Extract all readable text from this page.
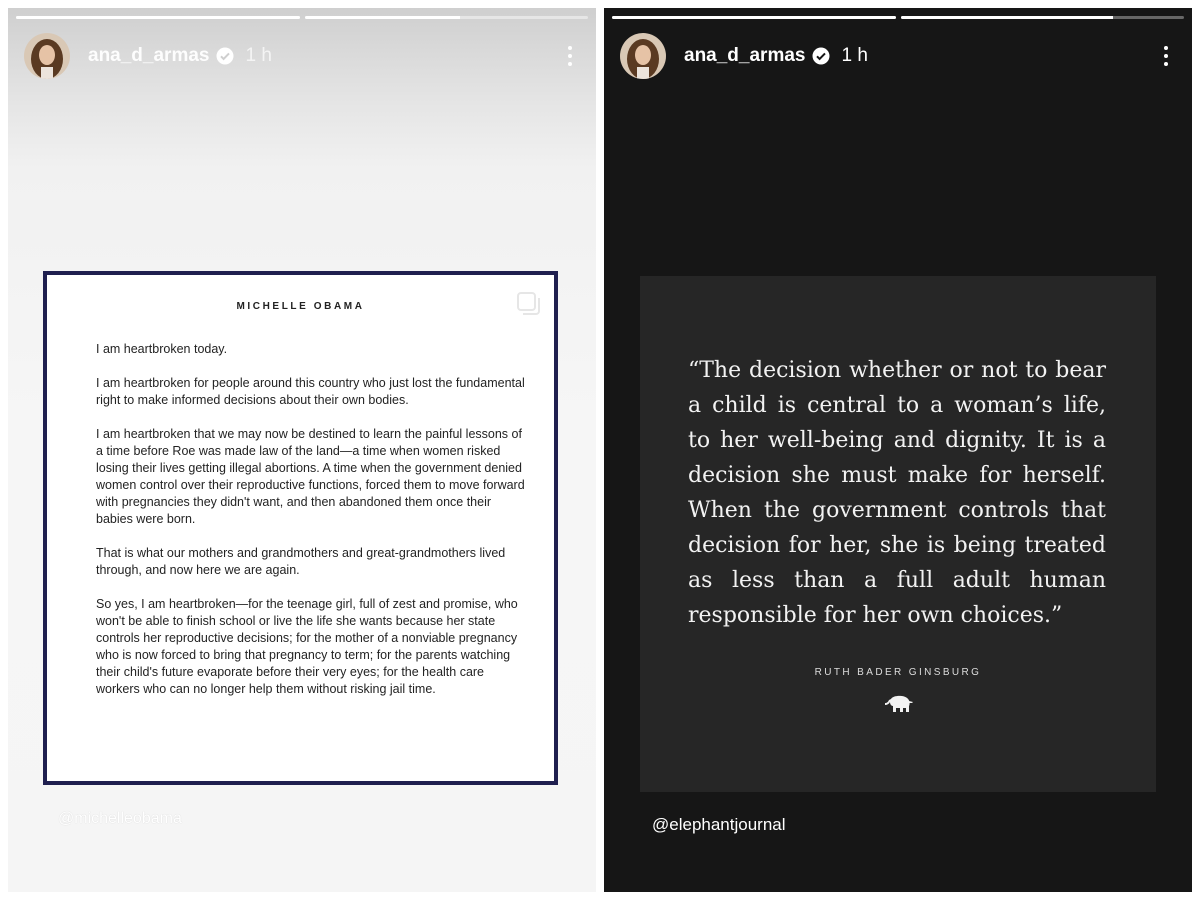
ana_d_armas 1 h
MICHELLE OBAMA

I am heartbroken today.

I am heartbroken for people around this country who just lost the fundamental right to make informed decisions about their own bodies.

I am heartbroken that we may now be destined to learn the painful lessons of a time before Roe was made law of the land—a time when women risked losing their lives getting illegal abortions. A time when the government denied women control over their reproductive functions, forced them to move forward with pregnancies they didn't want, and then abandoned them once their babies were born.

That is what our mothers and grandmothers and great-grandmothers lived through, and now here we are again.

So yes, I am heartbroken—for the teenage girl, full of zest and promise, who won't be able to finish school or live the life she wants because her state controls her reproductive decisions; for the mother of a nonviable pregnancy who is now forced to bring that pregnancy to term; for the parents watching their child's future evaporate before their very eyes; for the health care workers who can no longer help them without risking jail time.

@michelleobama
ana_d_armas 1 h
“The decision whether or not to bear a child is central to a woman’s life, to her well-being and dignity. It is a decision she must make for herself. When the government controls that decision for her, she is being treated as less than a full adult human responsible for her own choices.”
RUTH BADER GINSBURG
@elephantjournal
